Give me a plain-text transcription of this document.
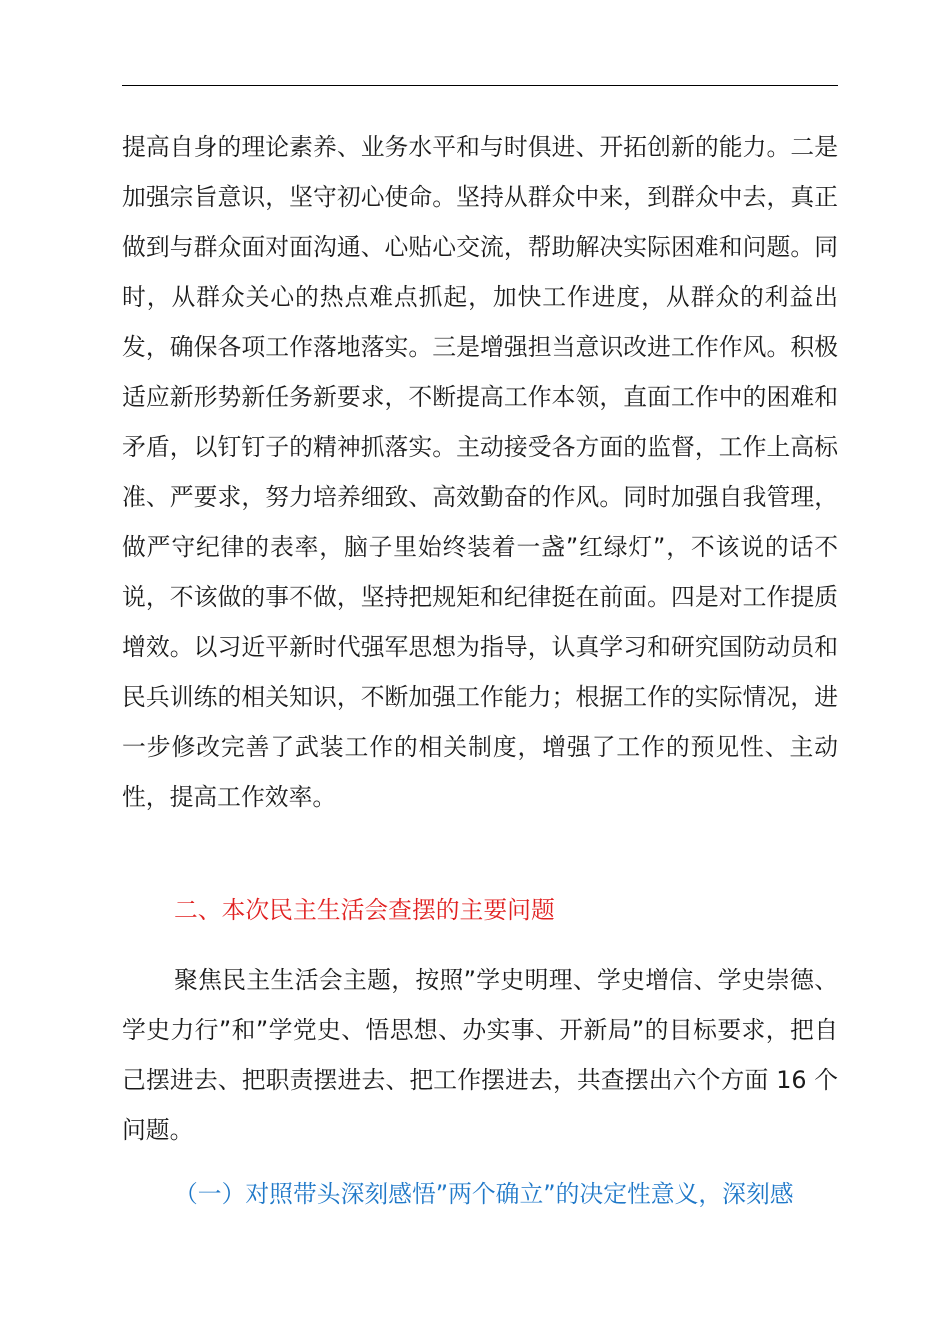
提高自身的理论素养、业务水平和与时俱进、开拓创新的能力。二是加强宗旨意识，坚守初心使命。坚持从群众中来，到群众中去，真正做到与群众面对面沟通、心贴心交流，帮助解决实际困难和问题。同时，从群众关心的热点难点抓起，加快工作进度，从群众的利益出发，确保各项工作落地落实。三是增强担当意识改进工作作风。积极适应新形势新任务新要求，不断提高工作本领，直面工作中的困难和矛盾，以钉钉子的精神抓落实。主动接受各方面的监督，工作上高标准、严要求，努力培养细致、高效勤奋的作风。同时加强自我管理，做严守纪律的表率，脑子里始终装着一盏”红绿灯”，不该说的话不说，不该做的事不做，坚持把规矩和纪律挺在前面。四是对工作提质增效。以习近平新时代强军思想为指导，认真学习和研究国防动员和民兵训练的相关知识，不断加强工作能力；根据工作的实际情况，进一步修改完善了武装工作的相关制度，增强了工作的预见性、主动性，提高工作效率。

二、本次民主生活会查摆的主要问题

聚焦民主生活会主题，按照”学史明理、学史增信、学史崇德、学史力行”和”学党史、悟思想、办实事、开新局”的目标要求，把自己摆进去、把职责摆进去、把工作摆进去，共查摆出六个方面 16 个问题。

（一）对照带头深刻感悟”两个确立”的决定性意义，深刻感
